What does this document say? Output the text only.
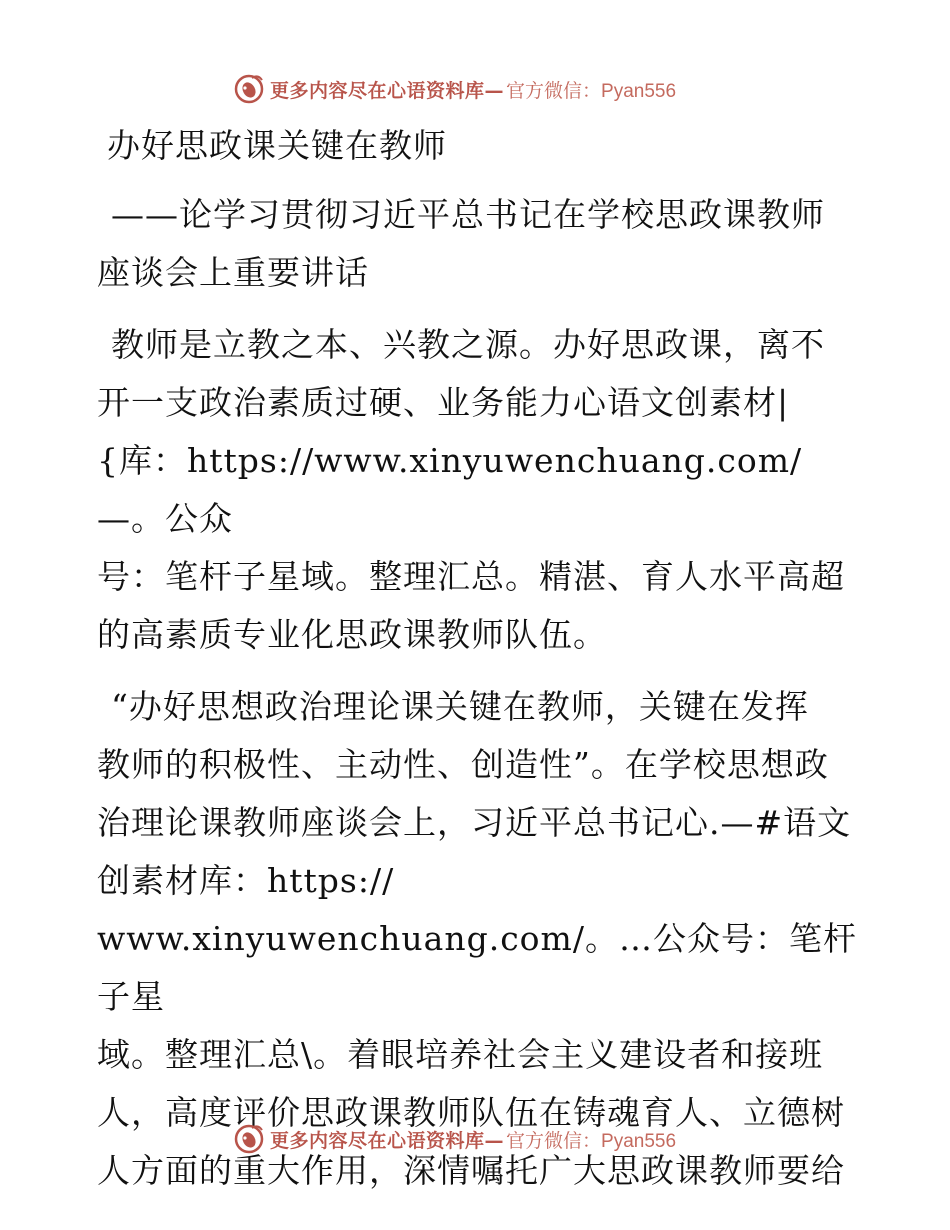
更多内容尽在心语资料库— 官方微信：Pyan556
办好思政课关键在教师
——论学习贯彻习近平总书记在学校思政课教师
座谈会上重要讲话
教师是立教之本、兴教之源。办好思政课，离不
开一支政治素质过硬、业务能力心语文创素材|
{库：https://www.xinyuwenchuang.com/—。公众
号：笔杆子星域。整理汇总。精湛、育人水平高超
的高素质专业化思政课教师队伍。
“办好思想政治理论课关键在教师，关键在发挥
教师的积极性、主动性、创造性”。在学校思想政
治理论课教师座谈会上，习近平总书记心.—#语文
创素材库：https://
www.xinyuwenchuang.com/。…公众号：笔杆子星
域。整理汇总\。着眼培养社会主义建设者和接班
人，高度评价思政课教师队伍在铸魂育人、立德树
人方面的重大作用，深情嘱托广大思政课教师要给
更多内容尽在心语资料库— 官方微信：Pyan556
